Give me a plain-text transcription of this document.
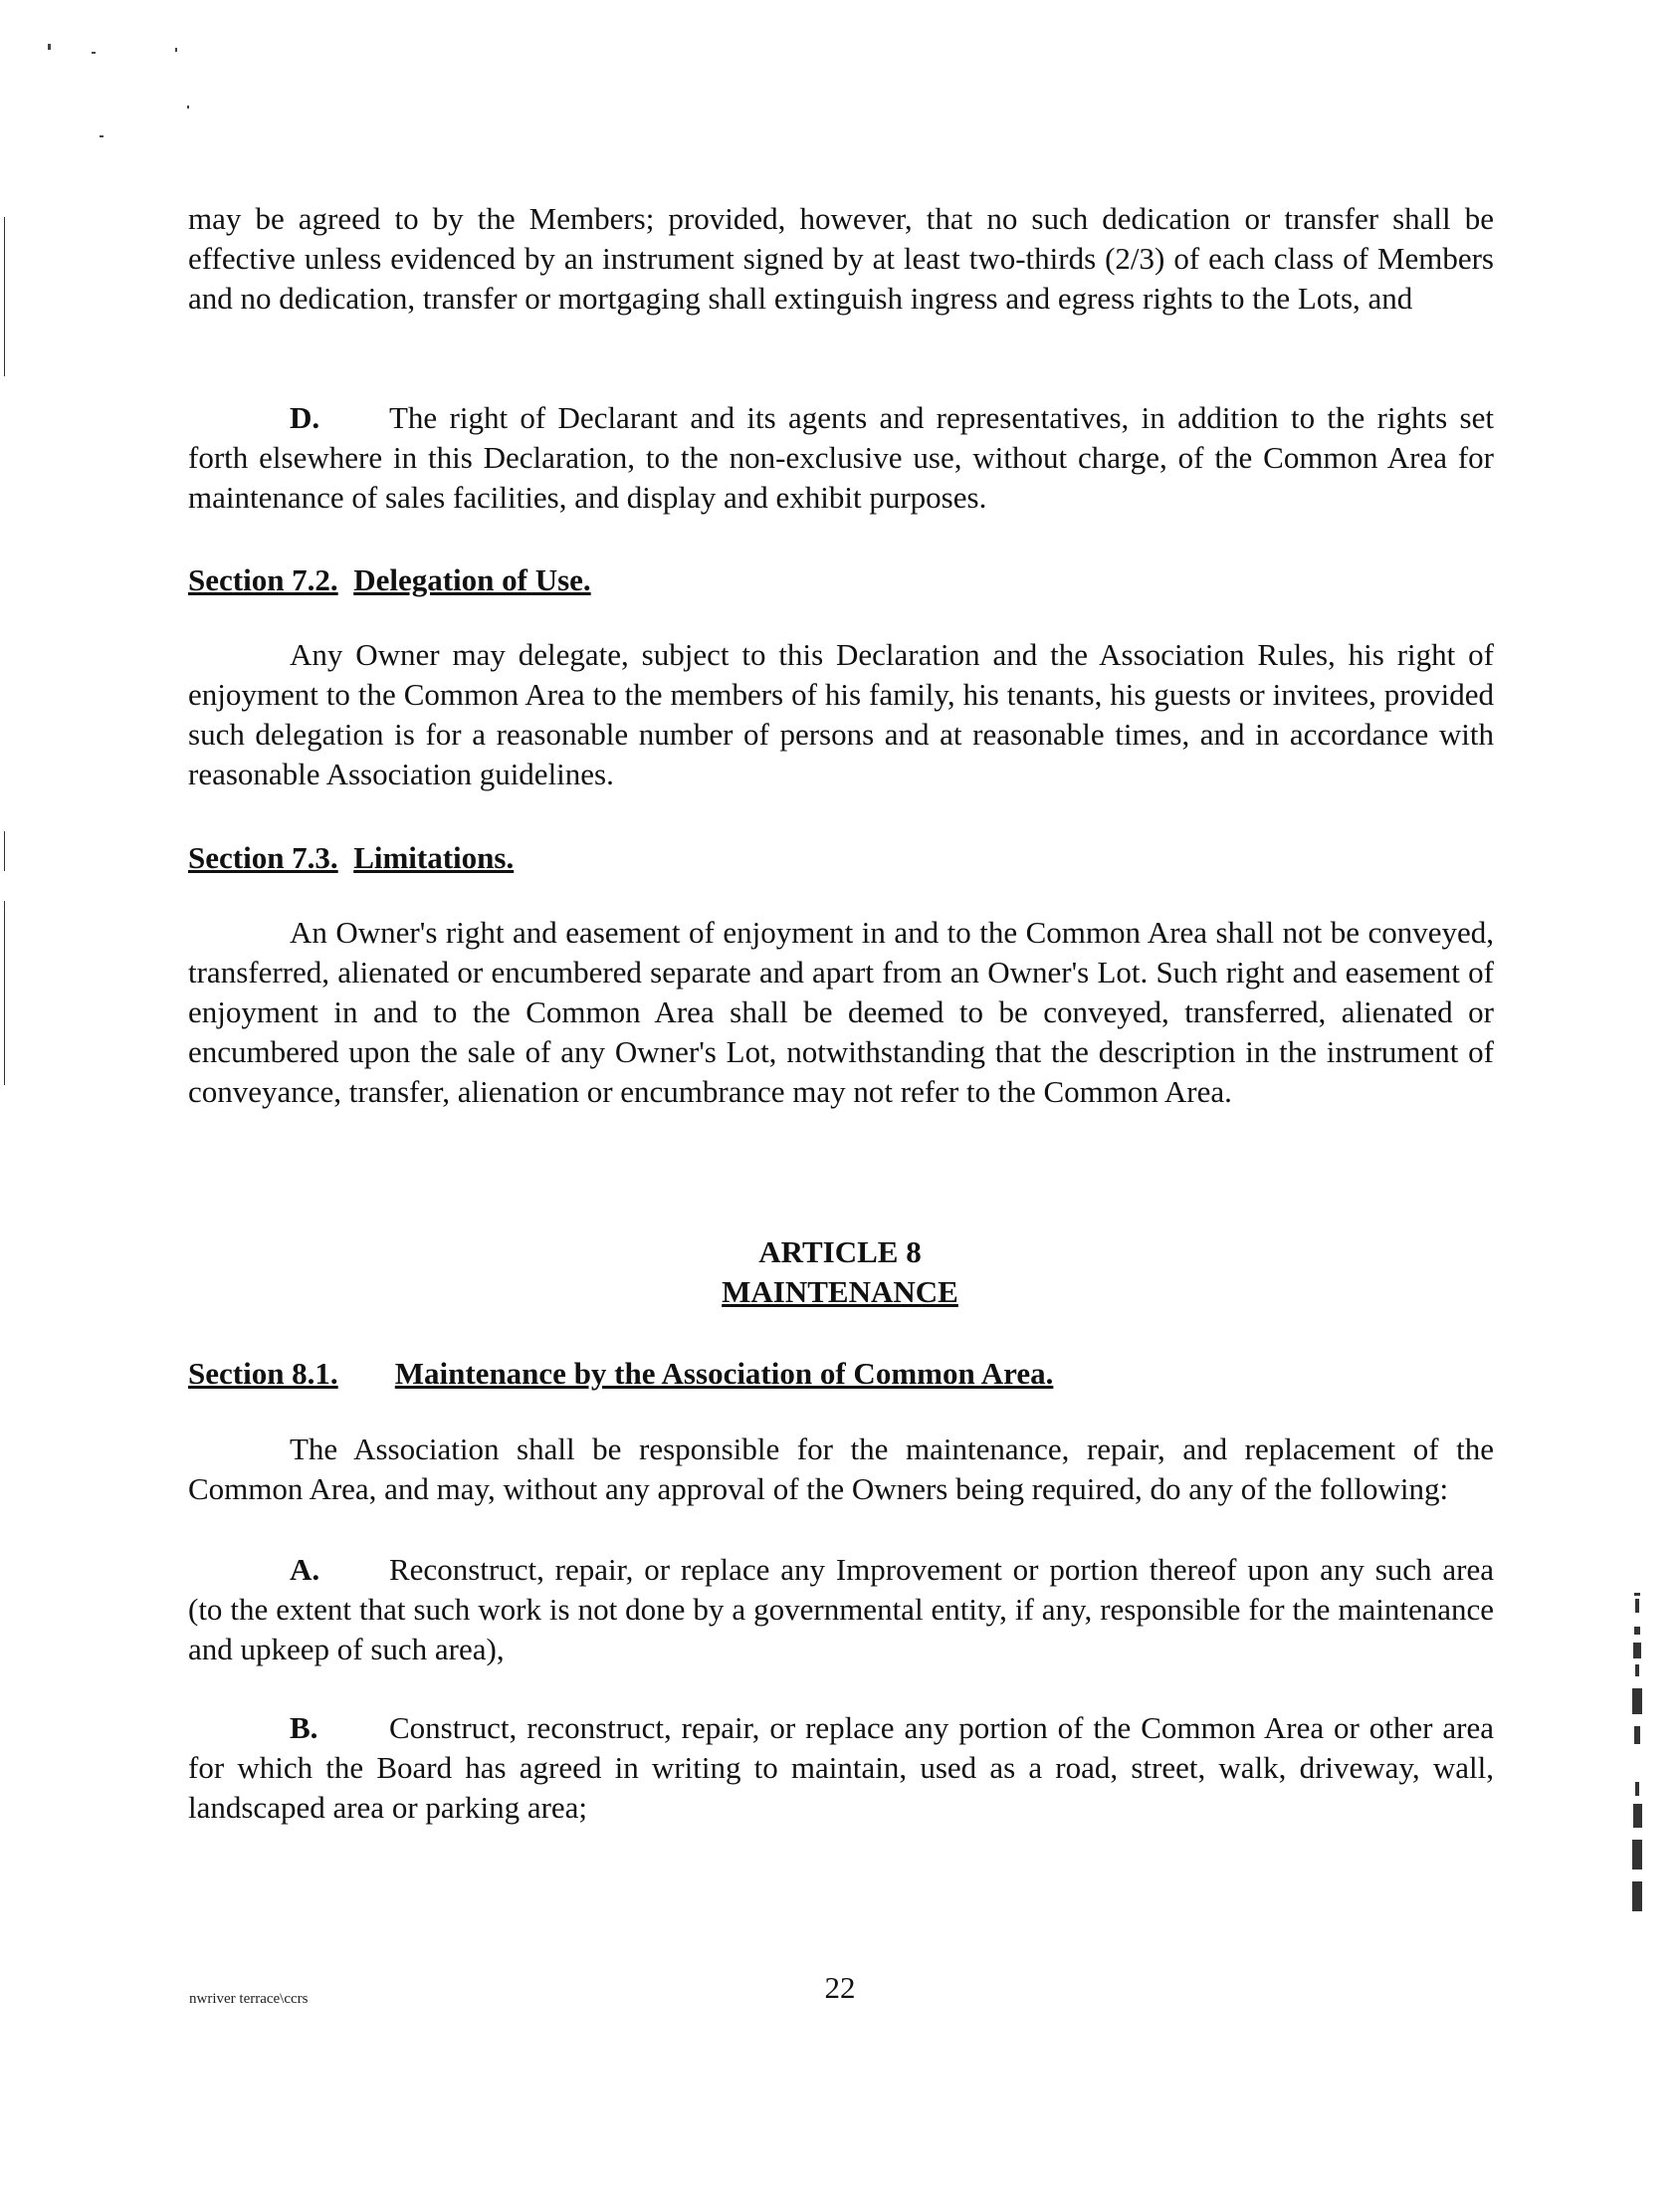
may be agreed to by the Members; provided, however, that no such dedication or transfer shall be effective unless evidenced by an instrument signed by at least two-thirds (2/3) of each class of Members and no dedication, transfer or mortgaging shall extinguish ingress and egress rights to the Lots, and

D. The right of Declarant and its agents and representatives, in addition to the rights set forth elsewhere in this Declaration, to the non-exclusive use, without charge, of the Common Area for maintenance of sales facilities, and display and exhibit purposes.

Section 7.2. Delegation of Use.

Any Owner may delegate, subject to this Declaration and the Association Rules, his right of enjoyment to the Common Area to the members of his family, his tenants, his guests or invitees, provided such delegation is for a reasonable number of persons and at reasonable times, and in accordance with reasonable Association guidelines.

Section 7.3. Limitations.

An Owner's right and easement of enjoyment in and to the Common Area shall not be conveyed, transferred, alienated or encumbered separate and apart from an Owner's Lot. Such right and easement of enjoyment in and to the Common Area shall be deemed to be conveyed, transferred, alienated or encumbered upon the sale of any Owner's Lot, notwithstanding that the description in the instrument of conveyance, transfer, alienation or encumbrance may not refer to the Common Area.

ARTICLE 8
MAINTENANCE
Section 8.1. Maintenance by the Association of Common Area.

The Association shall be responsible for the maintenance, repair, and replacement of the Common Area, and may, without any approval of the Owners being required, do any of the following:

A. Reconstruct, repair, or replace any Improvement or portion thereof upon any such area (to the extent that such work is not done by a governmental entity, if any, responsible for the maintenance and upkeep of such area),

B. Construct, reconstruct, repair, or replace any portion of the Common Area or other area for which the Board has agreed in writing to maintain, used as a road, street, walk, driveway, wall, landscaped area or parking area;

22
nwriver terrace\ccrs
